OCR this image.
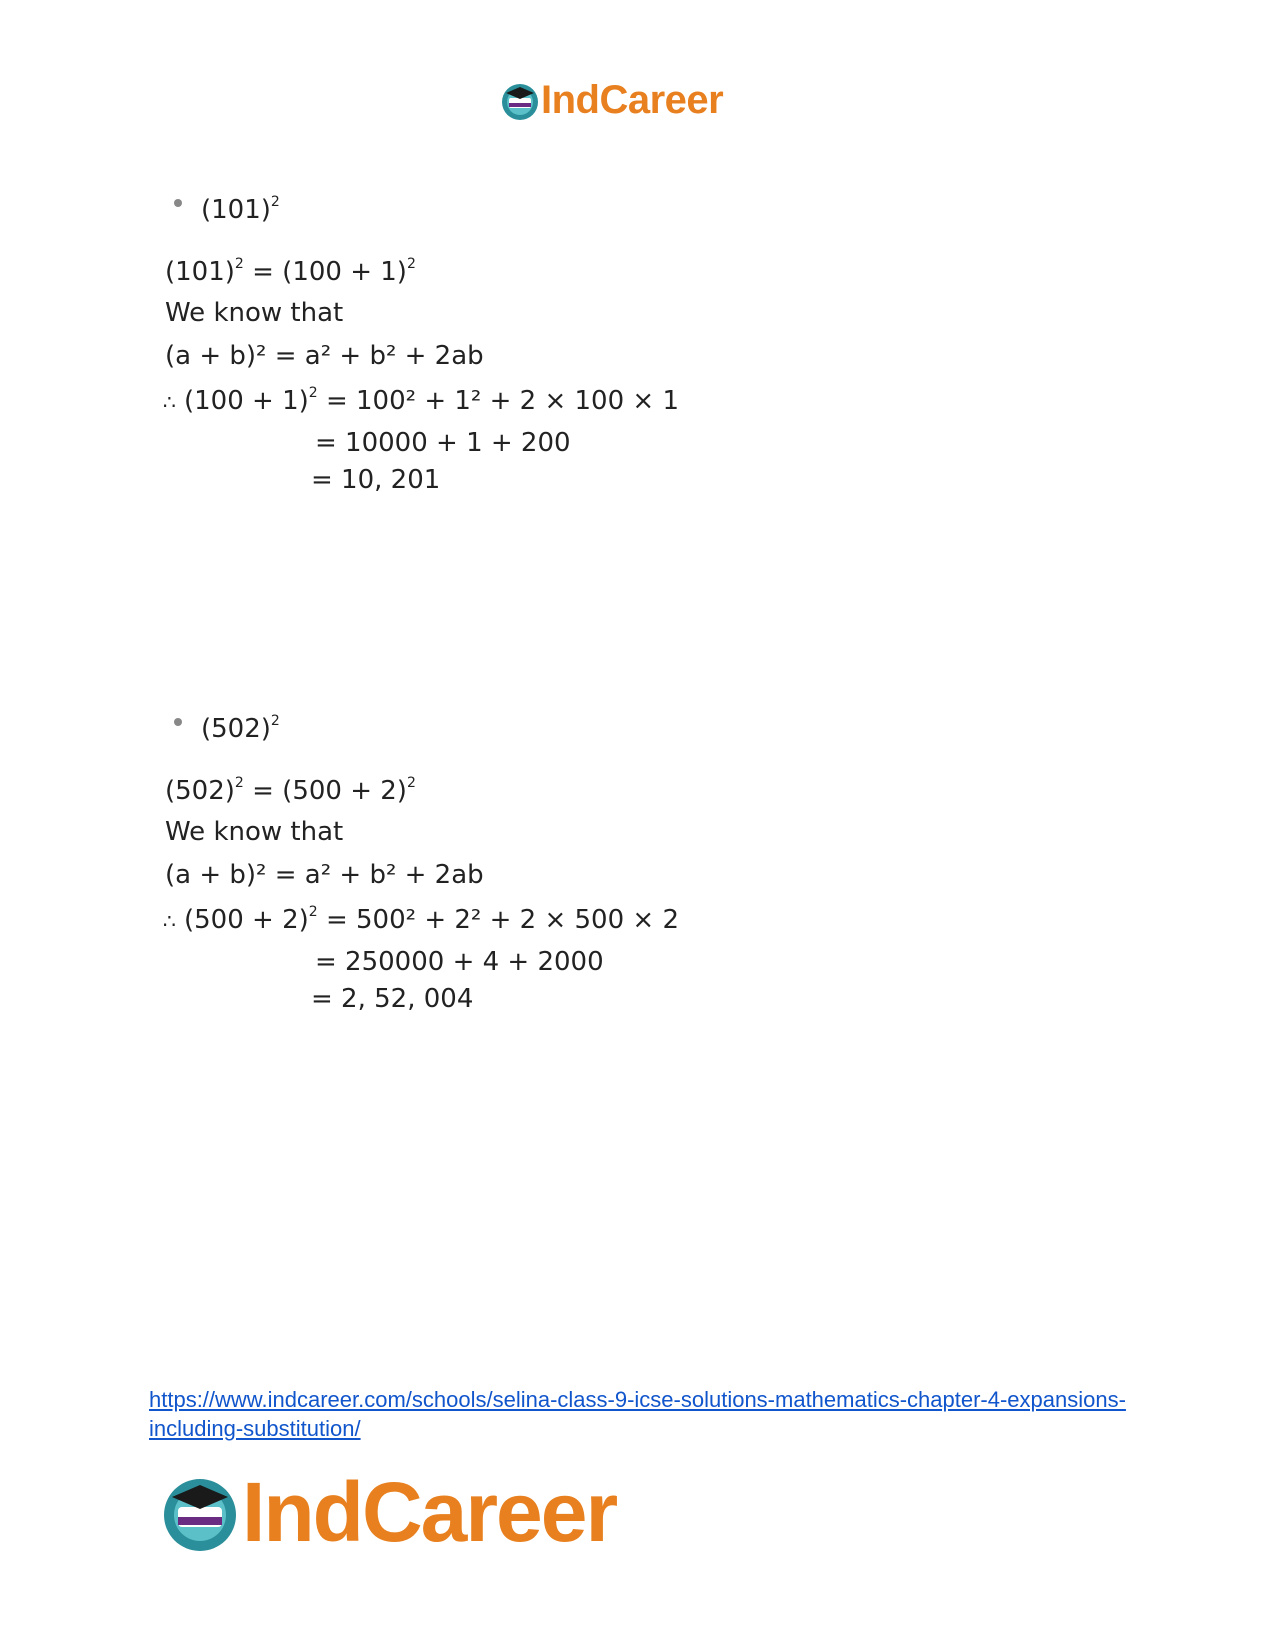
IndCareer
$(101)^2$
$(101)^2 = (100 + 1)^2$
We know that
(a + b)² = a² + b² + 2ab
∴ $(100 + 1)^2 = 100^2 + 1^2 + 2 \times 100 \times 1$
= 10000 + 1 + 200
= 10, 201
$(502)^2$
$(502)^2 = (500 + 2)^2$
We know that
(a + b)² = a² + b² + 2ab
∴ $(500 + 2)^2 = 500^2 + 2^2 + 2 \times 500 \times 2$
= 250000 + 4 + 2000
= 2, 52, 004
https://www.indcareer.com/schools/selina-class-9-icse-solutions-mathematics-chapter-4-expansions-including-substitution/
IndCareer
